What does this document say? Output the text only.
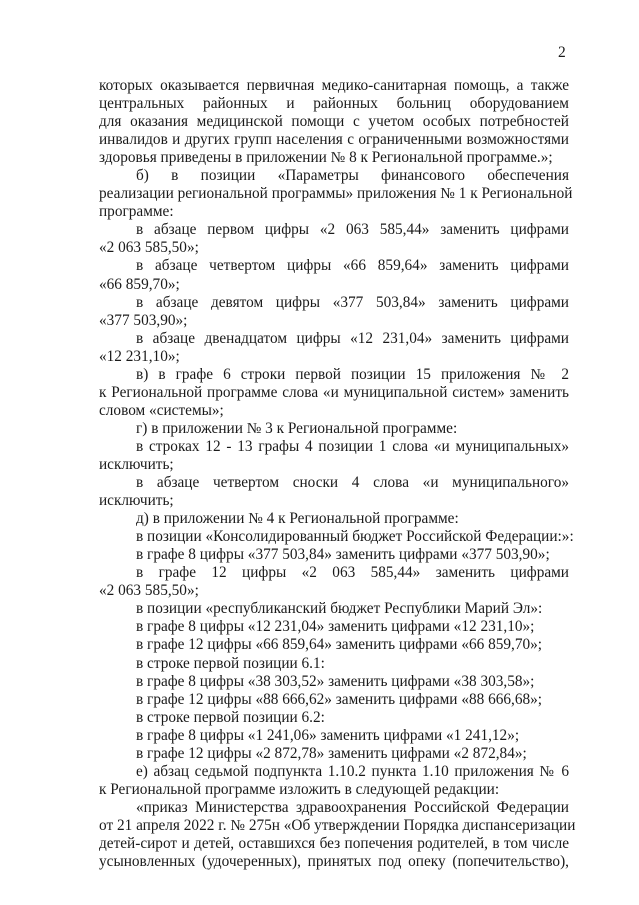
2
которых оказывается первичная медико-санитарная помощь, а также
центральных районных и районных больниц оборудованием
для оказания медицинской помощи с учетом особых потребностей
инвалидов и других групп населения с ограниченными возможностями
здоровья приведены в приложении № 8 к Региональной программе.»;
б) в позиции «Параметры финансового обеспечения
реализации региональной программы» приложения № 1 к Региональной
программе:
в абзаце первом цифры «2 063 585,44» заменить цифрами
«2 063 585,50»;
в абзаце четвертом цифры «66 859,64» заменить цифрами
«66 859,70»;
в абзаце девятом цифры «377 503,84» заменить цифрами
«377 503,90»;
в абзаце двенадцатом цифры «12 231,04» заменить цифрами
«12 231,10»;
в) в графе 6 строки первой позиции 15 приложения № 2
к Региональной программе слова «и муниципальной систем» заменить
словом «системы»;
г) в приложении № 3 к Региональной программе:
в строках 12 - 13 графы 4 позиции 1 слова «и муниципальных»
исключить;
в абзаце четвертом сноски 4 слова «и муниципального»
исключить;
д) в приложении № 4 к Региональной программе:
в позиции «Консолидированный бюджет Российской Федерации:»:
в графе 8 цифры «377 503,84» заменить цифрами «377 503,90»;
в графе 12 цифры «2 063 585,44» заменить цифрами
«2 063 585,50»;
в позиции «республиканский бюджет Республики Марий Эл»:
в графе 8 цифры «12 231,04» заменить цифрами «12 231,10»;
в графе 12 цифры «66 859,64» заменить цифрами «66 859,70»;
в строке первой позиции 6.1:
в графе 8 цифры «38 303,52» заменить цифрами «38 303,58»;
в графе 12 цифры «88 666,62» заменить цифрами «88 666,68»;
в строке первой позиции 6.2:
в графе 8 цифры «1 241,06» заменить цифрами «1 241,12»;
в графе 12 цифры «2 872,78» заменить цифрами «2 872,84»;
е) абзац седьмой подпункта 1.10.2 пункта 1.10 приложения № 6
к Региональной программе изложить в следующей редакции:
«приказ Министерства здравоохранения Российской Федерации
от 21 апреля 2022 г. № 275н «Об утверждении Порядка диспансеризации
детей-сирот и детей, оставшихся без попечения родителей, в том числе
усыновленных (удочеренных), принятых под опеку (попечительство),
